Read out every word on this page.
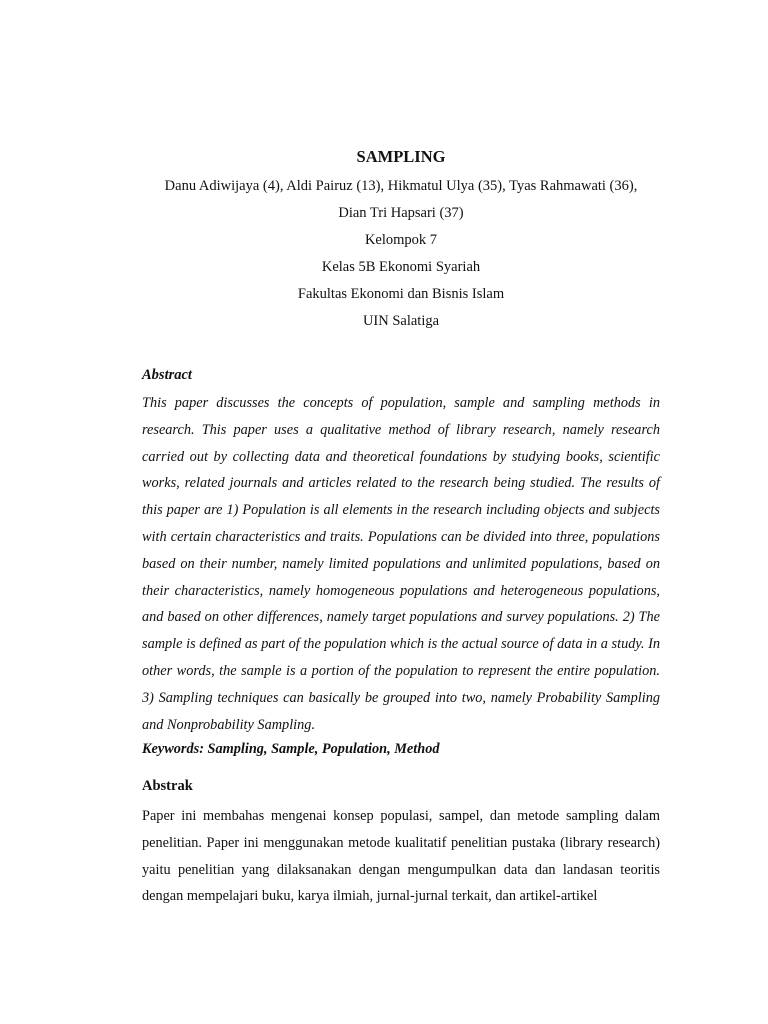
SAMPLING
Danu Adiwijaya (4), Aldi Pairuz (13), Hikmatul Ulya (35), Tyas Rahmawati (36),
Dian Tri Hapsari (37)
Kelompok 7
Kelas 5B Ekonomi Syariah
Fakultas Ekonomi dan Bisnis Islam
UIN Salatiga
Abstract
This paper discusses the concepts of population, sample and sampling methods in research. This paper uses a qualitative method of library research, namely research carried out by collecting data and theoretical foundations by studying books, scientific works, related journals and articles related to the research being studied. The results of this paper are 1) Population is all elements in the research including objects and subjects with certain characteristics and traits. Populations can be divided into three, populations based on their number, namely limited populations and unlimited populations, based on their characteristics, namely homogeneous populations and heterogeneous populations, and based on other differences, namely target populations and survey populations. 2) The sample is defined as part of the population which is the actual source of data in a study. In other words, the sample is a portion of the population to represent the entire population. 3) Sampling techniques can basically be grouped into two, namely Probability Sampling and Nonprobability Sampling.
Keywords: Sampling, Sample, Population, Method
Abstrak
Paper ini membahas mengenai konsep populasi, sampel, dan metode sampling dalam penelitian. Paper ini menggunakan metode kualitatif penelitian pustaka (library research) yaitu penelitian yang dilaksanakan dengan mengumpulkan data dan landasan teoritis dengan mempelajari buku, karya ilmiah, jurnal-jurnal terkait, dan artikel-artikel
